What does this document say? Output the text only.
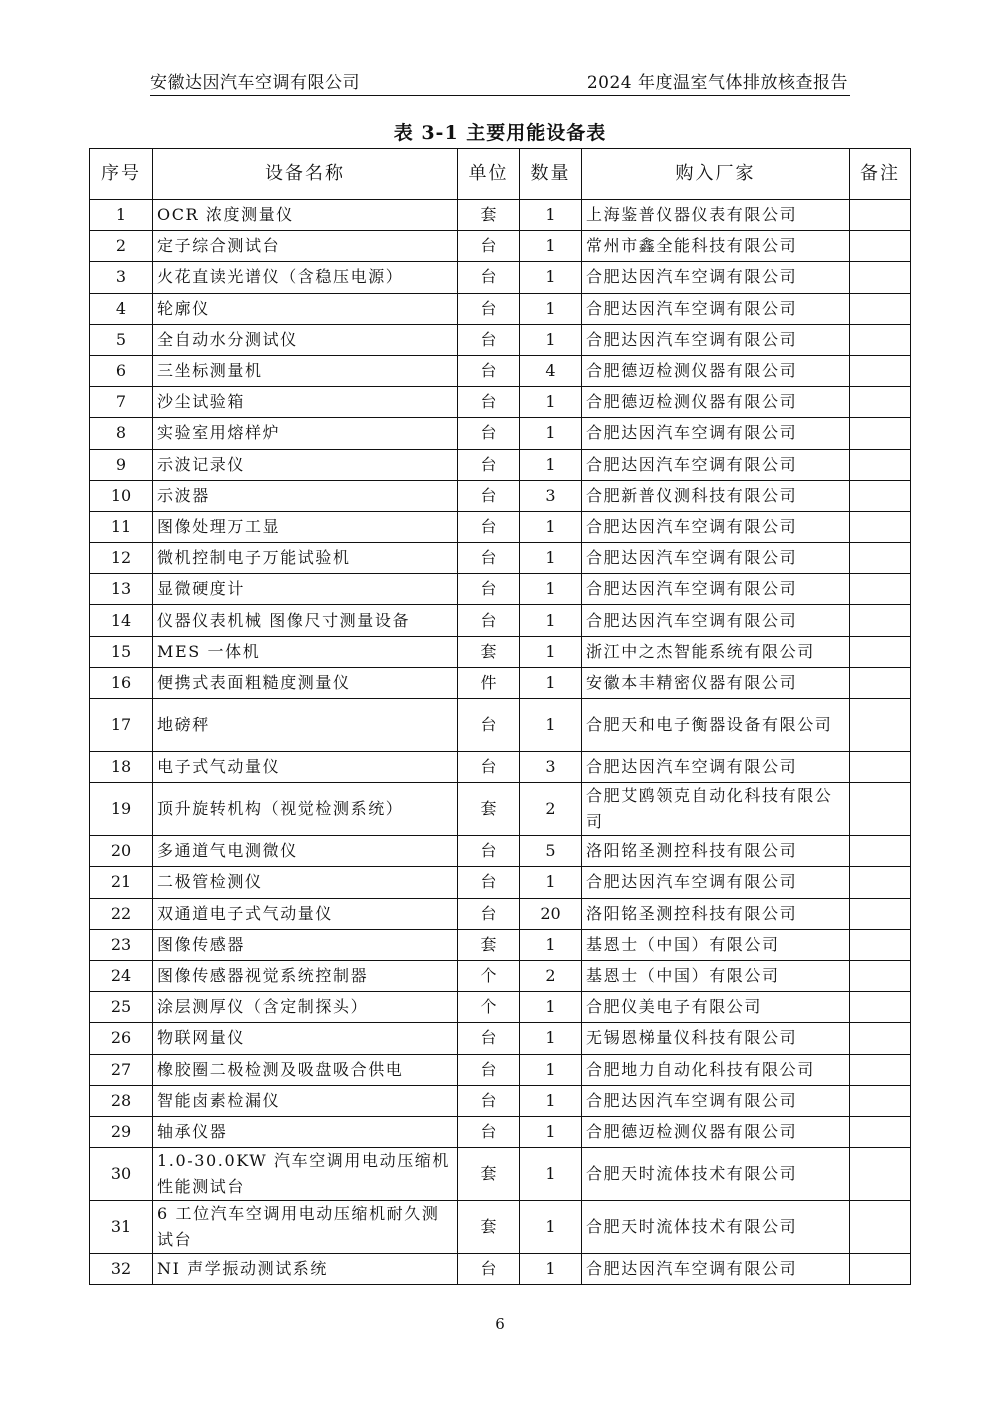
安徽达因汽车空调有限公司	2024 年度温室气体排放核查报告
表 3-1 主要用能设备表
序号	设备名称	单位	数量	购入厂家	备注
1	OCR 浓度测量仪	套	1	上海鉴普仪器仪表有限公司	
2	定子综合测试台	台	1	常州市鑫全能科技有限公司	
3	火花直读光谱仪（含稳压电源）	台	1	合肥达因汽车空调有限公司	
4	轮廓仪	台	1	合肥达因汽车空调有限公司	
5	全自动水分测试仪	台	1	合肥达因汽车空调有限公司	
6	三坐标测量机	台	4	合肥德迈检测仪器有限公司	
7	沙尘试验箱	台	1	合肥德迈检测仪器有限公司	
8	实验室用熔样炉	台	1	合肥达因汽车空调有限公司	
9	示波记录仪	台	1	合肥达因汽车空调有限公司	
10	示波器	台	3	合肥新普仪测科技有限公司	
11	图像处理万工显	台	1	合肥达因汽车空调有限公司	
12	微机控制电子万能试验机	台	1	合肥达因汽车空调有限公司	
13	显微硬度计	台	1	合肥达因汽车空调有限公司	
14	仪器仪表机械 图像尺寸测量设备	台	1	合肥达因汽车空调有限公司	
15	MES 一体机	套	1	浙江中之杰智能系统有限公司	
16	便携式表面粗糙度测量仪	件	1	安徽本丰精密仪器有限公司	
17	地磅秤	台	1	合肥天和电子衡器设备有限公司	
18	电子式气动量仪	台	3	合肥达因汽车空调有限公司	
19	顶升旋转机构（视觉检测系统）	套	2	合肥艾鸥领克自动化科技有限公司	
20	多通道气电测微仪	台	5	洛阳铭圣测控科技有限公司	
21	二极管检测仪	台	1	合肥达因汽车空调有限公司	
22	双通道电子式气动量仪	台	20	洛阳铭圣测控科技有限公司	
23	图像传感器	套	1	基恩士（中国）有限公司	
24	图像传感器视觉系统控制器	个	2	基恩士（中国）有限公司	
25	涂层测厚仪（含定制探头）	个	1	合肥仪美电子有限公司	
26	物联网量仪	台	1	无锡恩梯量仪科技有限公司	
27	橡胶圈二极检测及吸盘吸合供电	台	1	合肥地力自动化科技有限公司	
28	智能卤素检漏仪	台	1	合肥达因汽车空调有限公司	
29	轴承仪器	台	1	合肥德迈检测仪器有限公司	
30	1.0-30.0KW 汽车空调用电动压缩机性能测试台	套	1	合肥天时流体技术有限公司	
31	6 工位汽车空调用电动压缩机耐久测试台	套	1	合肥天时流体技术有限公司	
32	NI 声学振动测试系统	台	1	合肥达因汽车空调有限公司	
6
